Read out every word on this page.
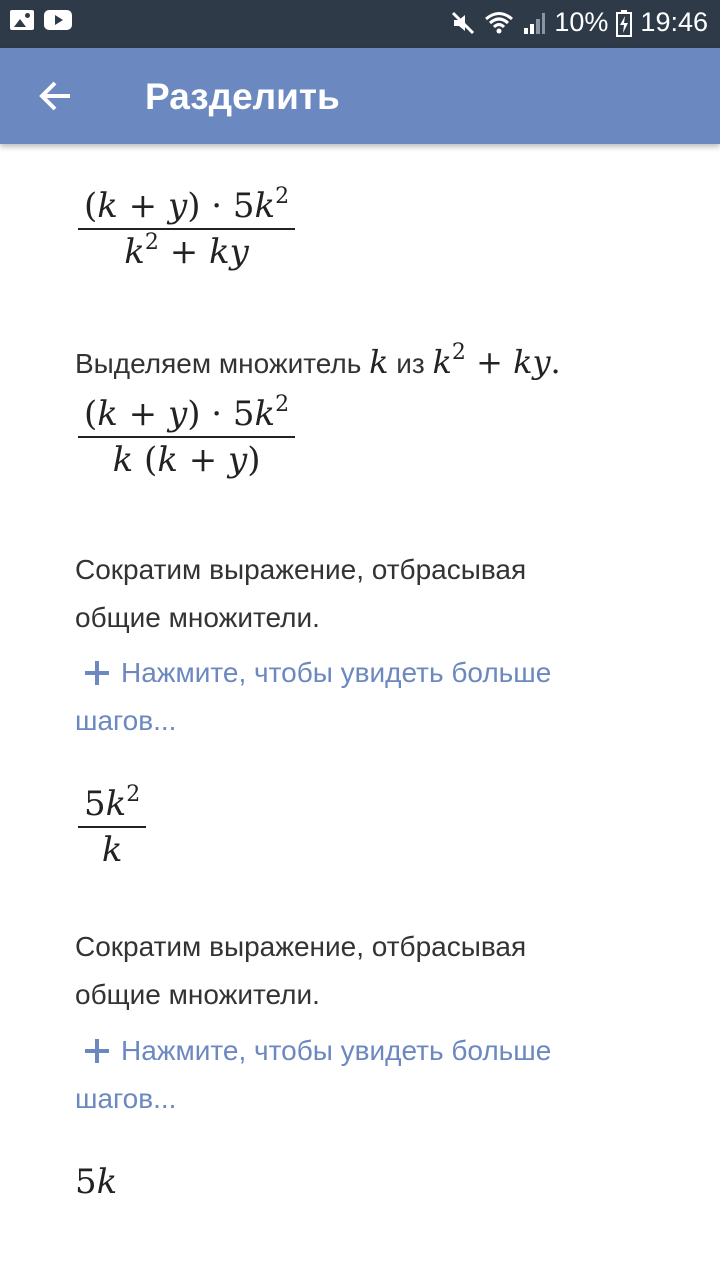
10% 19:46
Разделить
$(k + y) \cdot 5k^2$
$k^2$ + ky
Выделяем множитель k из $k^2$ + ky.
$(k + y) \cdot 5k^2$
k (k + y)
Сократим выражение, отбрасывая
общие множители.
Нажмите, чтобы увидеть больше
шагов...
$5k^2$
k
Сократим выражение, отбрасывая
общие множители.
Нажмите, чтобы увидеть больше
шагов...
5k
